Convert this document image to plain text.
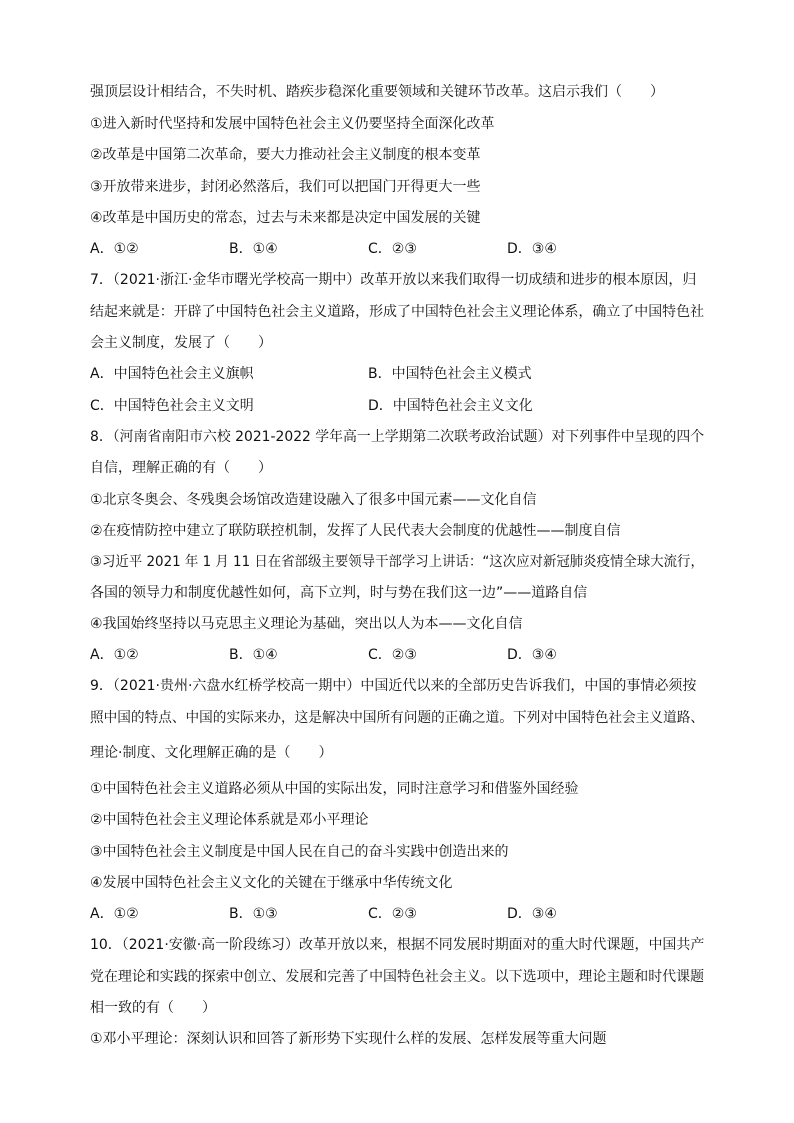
强顶层设计相结合，不失时机、踏疾步稳深化重要领域和关键环节改革。这启示我们（　　）
①进入新时代坚持和发展中国特色社会主义仍要坚持全面深化改革
②改革是中国第二次革命，要大力推动社会主义制度的根本变革
③开放带来进步，封闭必然落后，我们可以把国门开得更大一些
④改革是中国历史的常态，过去与未来都是决定中国发展的关键
A．①②	B．①④	C．②③	D．③④
7．（2021·浙江·金华市曙光学校高一期中）改革开放以来我们取得一切成绩和进步的根本原因，归
结起来就是：开辟了中国特色社会主义道路，形成了中国特色社会主义理论体系，确立了中国特色社
会主义制度，发展了（　　）
A．中国特色社会主义旗帜	B．中国特色社会主义模式
C．中国特色社会主义文明	D．中国特色社会主义文化
8．（河南省南阳市六校 2021-2022 学年高一上学期第二次联考政治试题）对下列事件中呈现的四个
自信，理解正确的有（　　）
①北京冬奥会、冬残奥会场馆改造建设融入了很多中国元素——文化自信
②在疫情防控中建立了联防联控机制，发挥了人民代表大会制度的优越性——制度自信
③习近平 2021 年 1 月 11 日在省部级主要领导干部学习上讲话：“这次应对新冠肺炎疫情全球大流行，
各国的领导力和制度优越性如何，高下立判，时与势在我们这一边”——道路自信
④我国始终坚持以马克思主义理论为基础，突出以人为本——文化自信
A．①②	B．①④	C．②③	D．③④
9．（2021·贵州·六盘水红桥学校高一期中）中国近代以来的全部历史告诉我们，中国的事情必须按
照中国的特点、中国的实际来办，这是解决中国所有问题的正确之道。下列对中国特色社会主义道路、
理论·制度、文化理解正确的是（　　）
①中国特色社会主义道路必须从中国的实际出发，同时注意学习和借鉴外国经验
②中国特色社会主义理论体系就是邓小平理论
③中国特色社会主义制度是中国人民在自己的奋斗实践中创造出来的
④发展中国特色社会主义文化的关键在于继承中华传统文化
A．①②	B．①③	C．②③	D．③④
10．（2021·安徽·高一阶段练习）改革开放以来，根据不同发展时期面对的重大时代课题，中国共产
党在理论和实践的探索中创立、发展和完善了中国特色社会主义。以下选项中，理论主题和时代课题
相一致的有（　　）
①邓小平理论：深刻认识和回答了新形势下实现什么样的发展、怎样发展等重大问题
